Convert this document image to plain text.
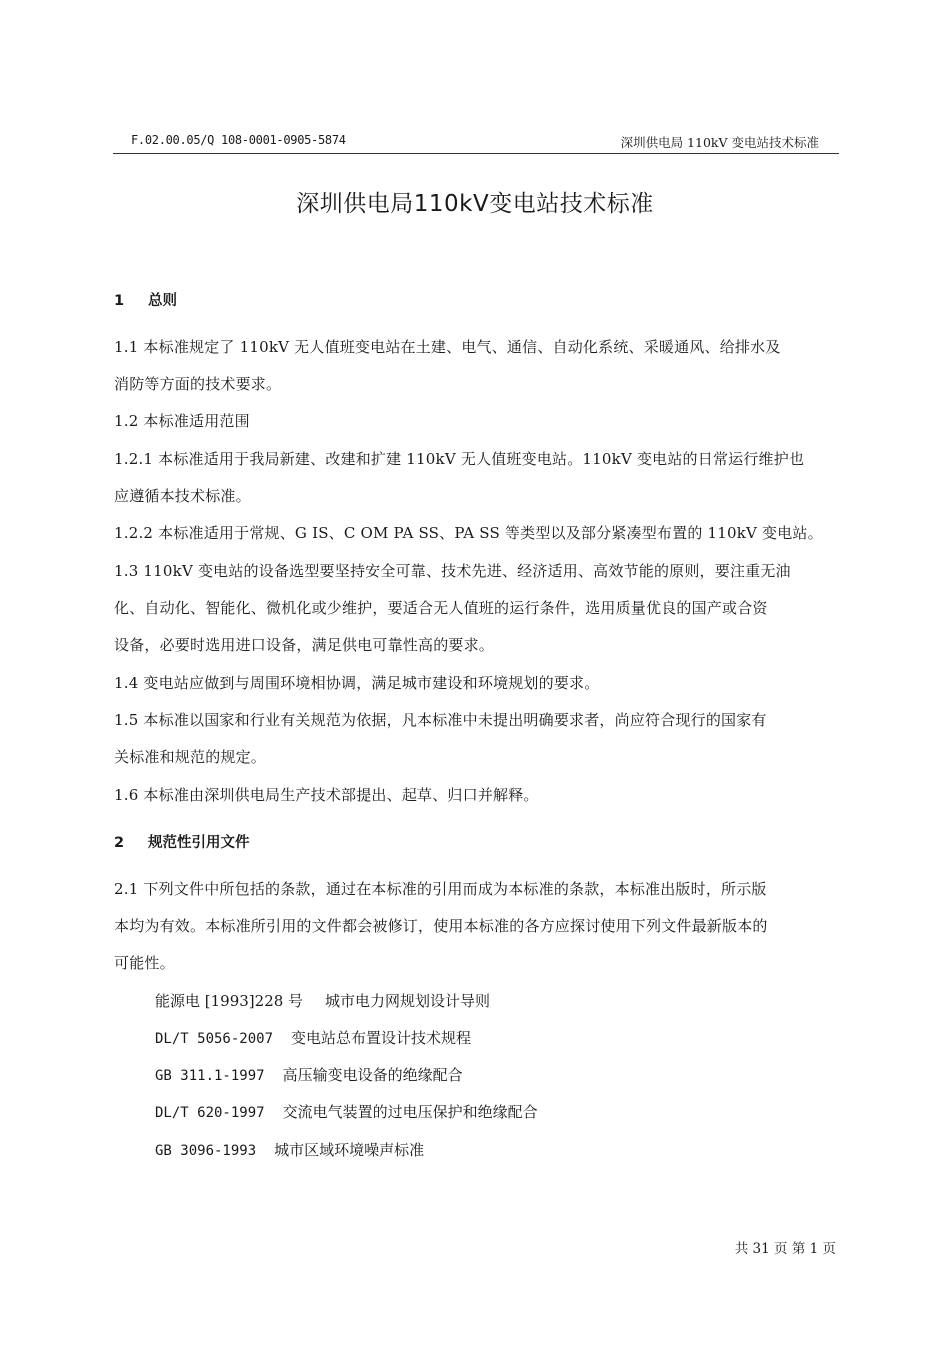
F.02.00.05/Q 108-0001-0905-5874	深圳供电局 110kV 变电站技术标准
深圳供电局110kV变电站技术标准
1 总则
1.1 本标准规定了 110kV 无人值班变电站在土建、电气、通信、自动化系统、采暖通风、给排水及
消防等方面的技术要求。
1.2 本标准适用范围
1.2.1 本标准适用于我局新建、改建和扩建 110kV 无人值班变电站。110kV 变电站的日常运行维护也
应遵循本技术标准。
1.2.2 本标准适用于常规、G IS、C OM PA SS、PA SS 等类型以及部分紧凑型布置的 110kV 变电站。
1.3 110kV 变电站的设备选型要坚持安全可靠、技术先进、经济适用、高效节能的原则，要注重无油
化、自动化、智能化、微机化或少维护，要适合无人值班的运行条件，选用质量优良的国产或合资
设备，必要时选用进口设备，满足供电可靠性高的要求。
1.4 变电站应做到与周围环境相协调，满足城市建设和环境规划的要求。
1.5 本标准以国家和行业有关规范为依据，凡本标准中未提出明确要求者，尚应符合现行的国家有
关标准和规范的规定。
1.6 本标准由深圳供电局生产技术部提出、起草、归口并解释。
2 规范性引用文件
2.1 下列文件中所包括的条款，通过在本标准的引用而成为本标准的条款，本标准出版时，所示版
本均为有效。本标准所引用的文件都会被修订，使用本标准的各方应探讨使用下列文件最新版本的
可能性。
能源电 [1993]228 号 城市电力网规划设计导则
DL/T 5056-2007 变电站总布置设计技术规程
GB 311.1-1997 高压输变电设备的绝缘配合
DL/T 620-1997 交流电气装置的过电压保护和绝缘配合
GB 3096-1993 城市区域环境噪声标准
共 31 页 第 1 页
